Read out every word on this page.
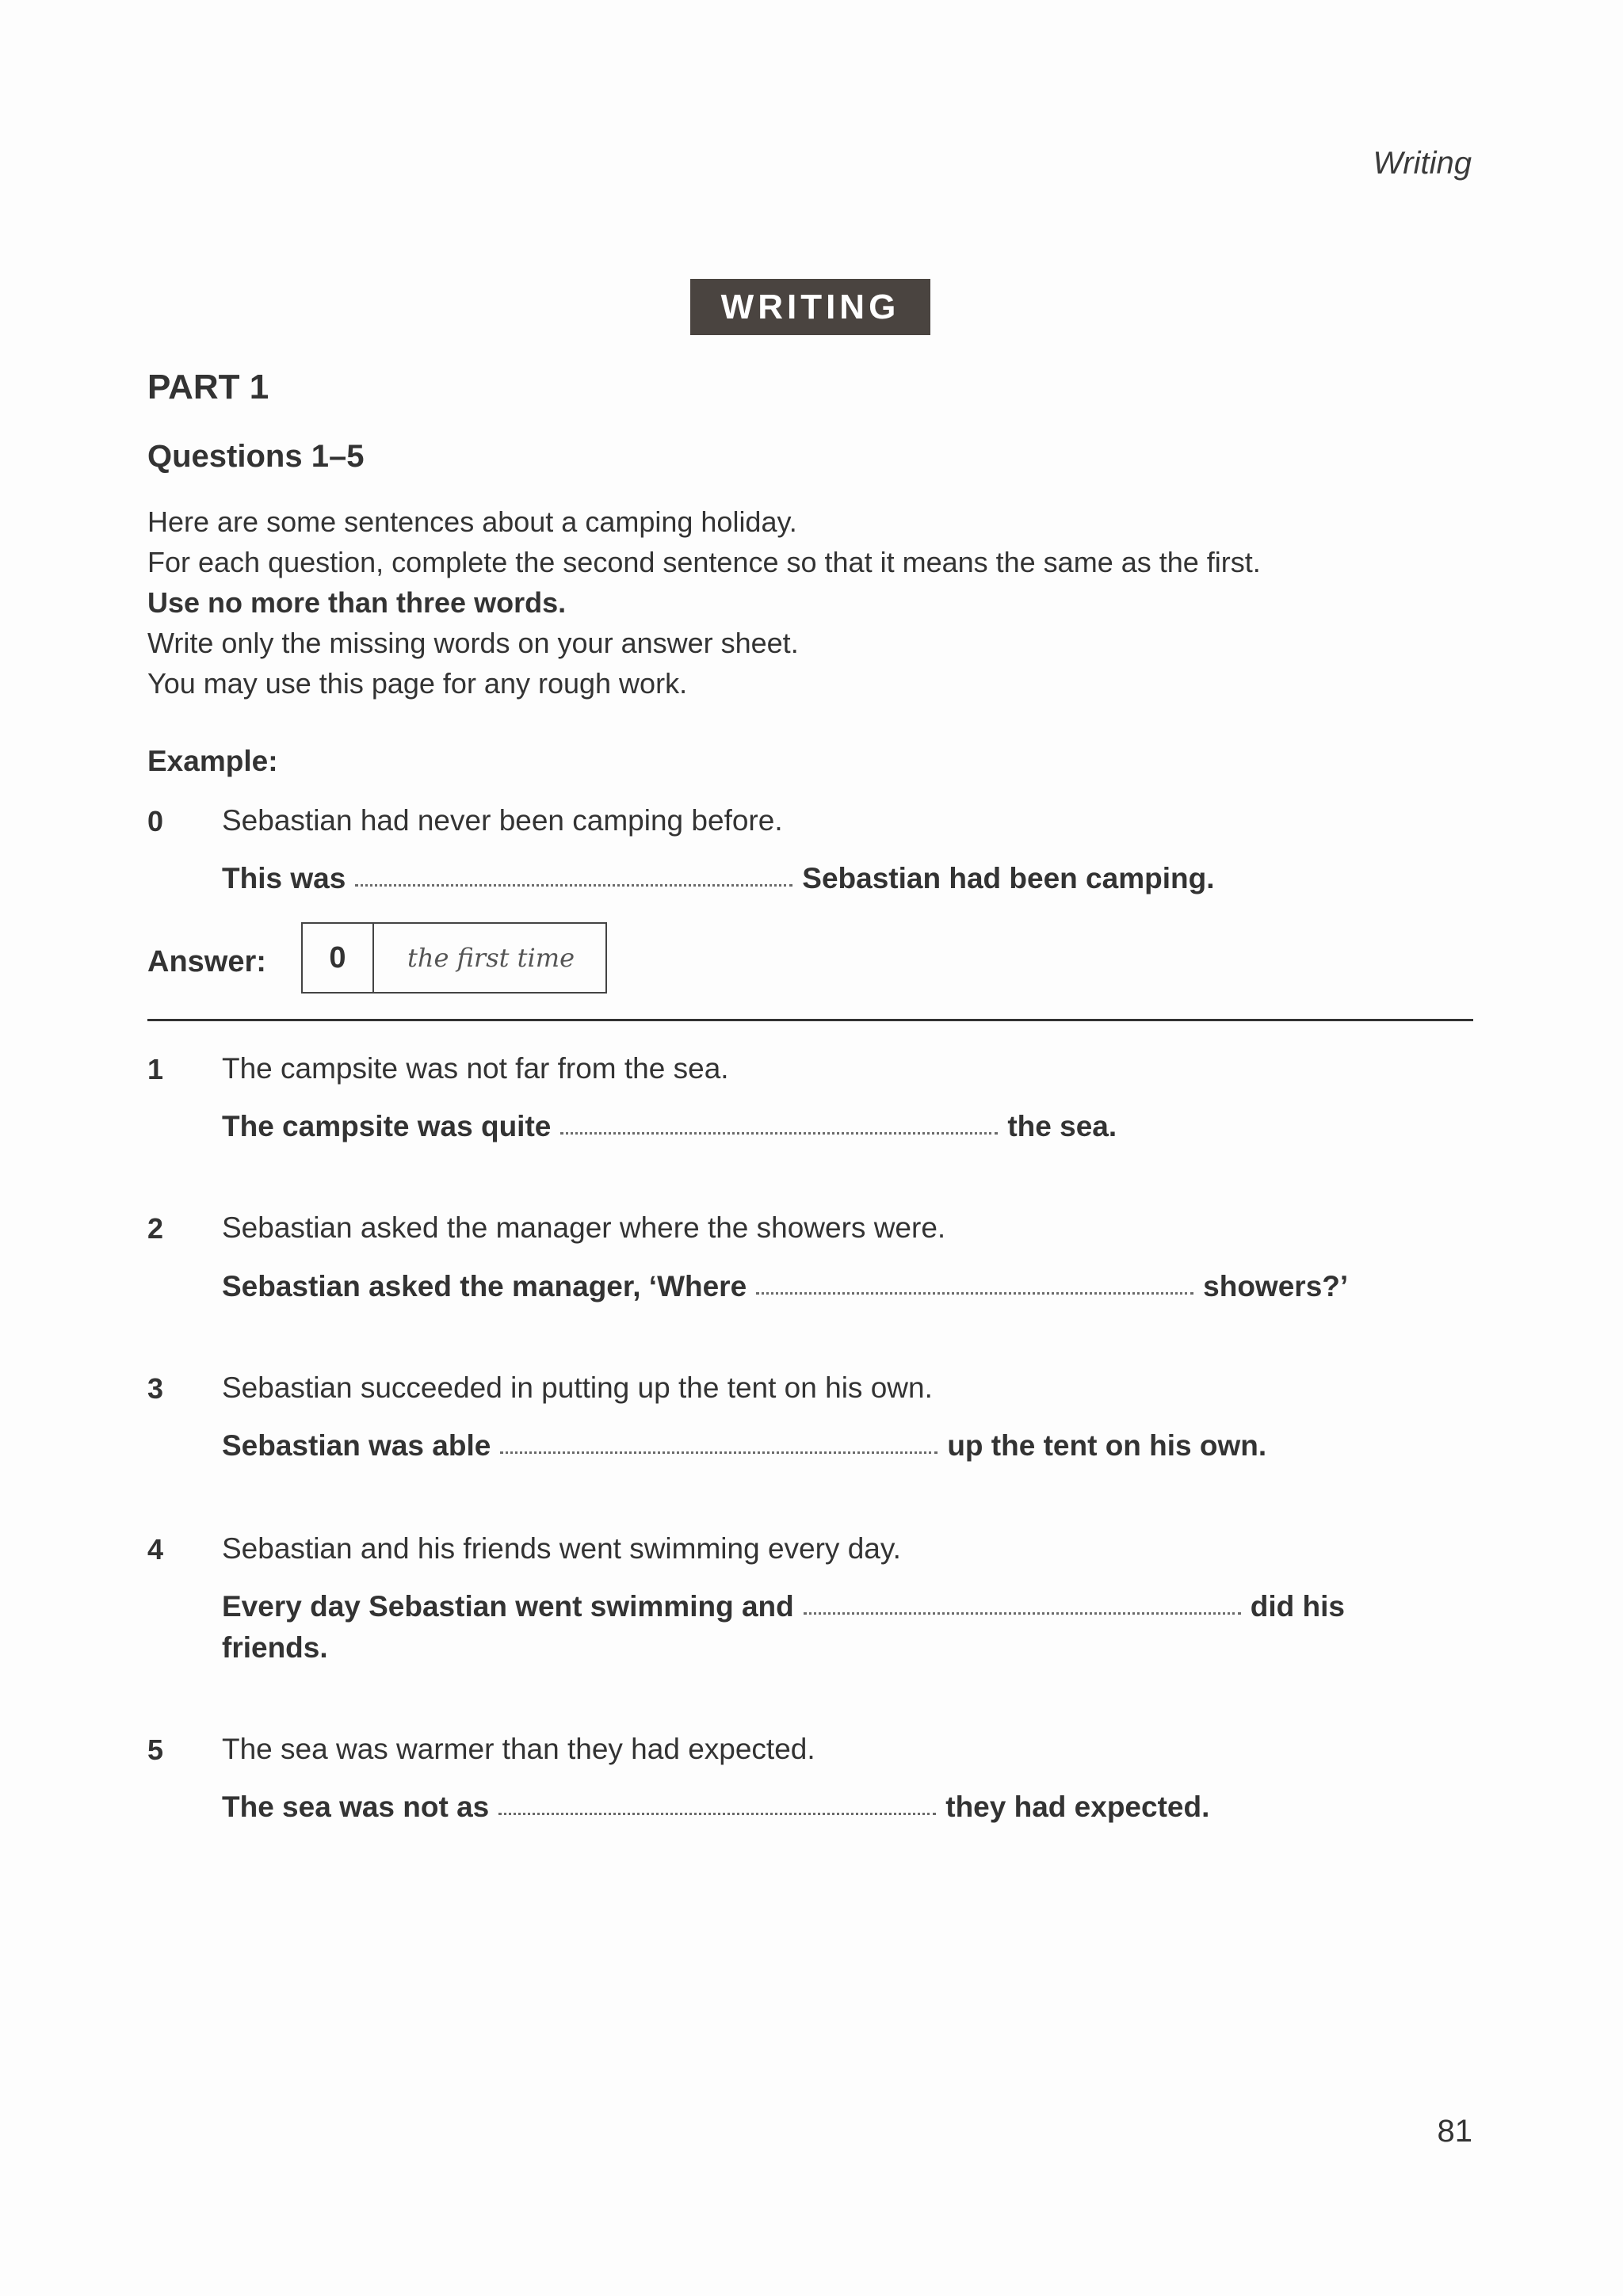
Writing
WRITING
PART 1
Questions 1–5
Here are some sentences about a camping holiday.
For each question, complete the second sentence so that it means the same as the first.
Use no more than three words.
Write only the missing words on your answer sheet.
You may use this page for any rough work.
Example:
0 Sebastian had never been camping before.
This was	Sebastian had been camping.
Answer:	0	the first time
1 The campsite was not far from the sea.
The campsite was quite	the sea.
2 Sebastian asked the manager where the showers were.
Sebastian asked the manager, ‘Where	showers?’
3 Sebastian succeeded in putting up the tent on his own.
Sebastian was able	up the tent on his own.
4 Sebastian and his friends went swimming every day.
Every day Sebastian went swimming and	did his
friends.
5 The sea was warmer than they had expected.
The sea was not as	they had expected.
81
